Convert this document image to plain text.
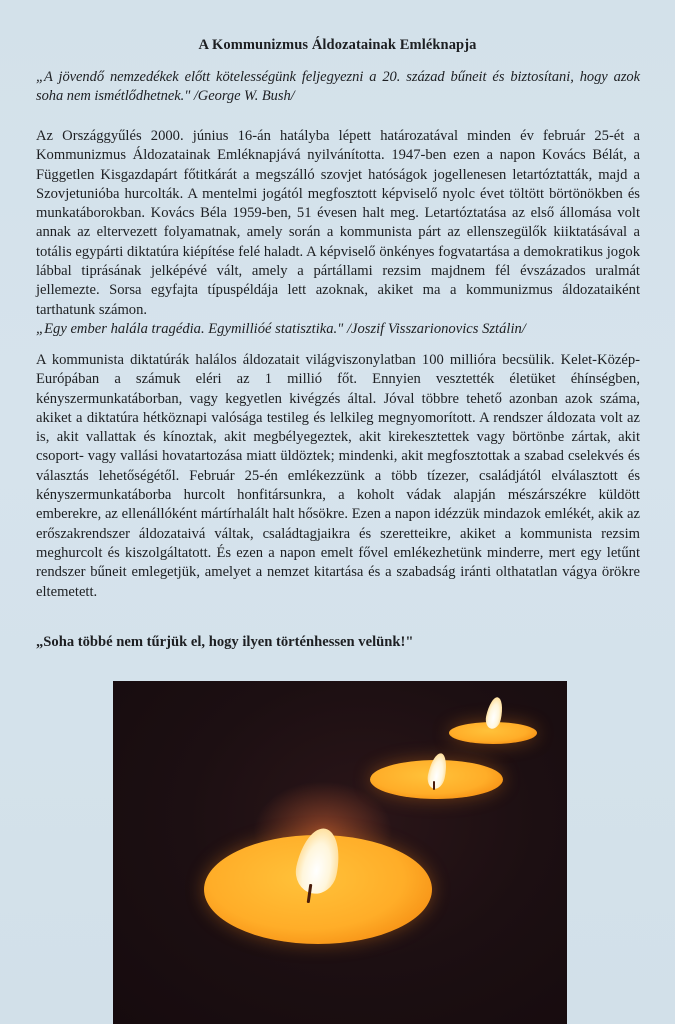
A Kommunizmus Áldozatainak Emléknapja
„A jövendő nemzedékek előtt kötelességünk feljegyezni a 20. század bűneit és biztosítani, hogy azok soha nem ismétlődhetnek." /George W. Bush/
Az Országgyűlés 2000. június 16-án hatályba lépett határozatával minden év február 25-ét a Kommunizmus Áldozatainak Emléknapjává nyilvánította. 1947-ben ezen a napon Kovács Bélát, a Független Kisgazdapárt főtitkárát a megszálló szovjet hatóságok jogellenesen letartóztatták, majd a Szovjetunióba hurcolták. A mentelmi jogától megfosztott képviselő nyolc évet töltött börtönökben és munkatáborokban. Kovács Béla 1959-ben, 51 évesen halt meg. Letartóztatása az első állomása volt annak az eltervezett folyamatnak, amely során a kommunista párt az ellenszegülők kiiktatásával a totális egypárti diktatúra kiépítése felé haladt. A képviselő önkényes fogvatartása a demokratikus jogok lábbal tiprásának jelképévé vált, amely a pártállami rezsim majdnem fél évszázados uralmát jellemezte. Sorsa egyfajta típuspéldája lett azoknak, akiket ma a kommunizmus áldozataiként tarthatunk számon.
„Egy ember halála tragédia. Egymillióé statisztika." /Joszif Visszarionovics Sztálin/
A kommunista diktatúrák halálos áldozatait világviszonylatban 100 millióra becsülik. Kelet-Közép-Európában a számuk eléri az 1 millió főt. Ennyien vesztették életüket éhínségben, kényszermunkatáborban, vagy kegyetlen kivégzés által. Jóval többre tehető azonban azok száma, akiket a diktatúra hétköznapi valósága testileg és lelkileg megnyomorított. A rendszer áldozata volt az is, akit vallattak és kínoztak, akit megbélyegeztek, akit kirekesztettek vagy börtönbe zártak, akit csoport- vagy vallási hovatartozása miatt üldöztek; mindenki, akit megfosztottak a szabad cselekvés és választás lehetőségétől. Február 25-én emlékezzünk a több tízezer, családjától elválasztott és kényszermunkatáborba hurcolt honfitársunkra, a koholt vádak alapján mészárszékre küldött emberekre, az ellenállóként mártírhalált halt hősökre. Ezen a napon idézzük mindazok emlékét, akik az erőszakrendszer áldozataivá váltak, családtagjaikra és szeretteikre, akiket a kommunista rezsim meghurcolt és kiszolgáltatott. És ezen a napon emelt fővel emlékezhetünk minderre, mert egy letűnt rendszer bűneit emlegetjük, amelyet a nemzet kitartása és a szabadság iránti olthatatlan vágya örökre eltemetett.
„Soha többé nem tűrjük el, hogy ilyen történhessen velünk!"
